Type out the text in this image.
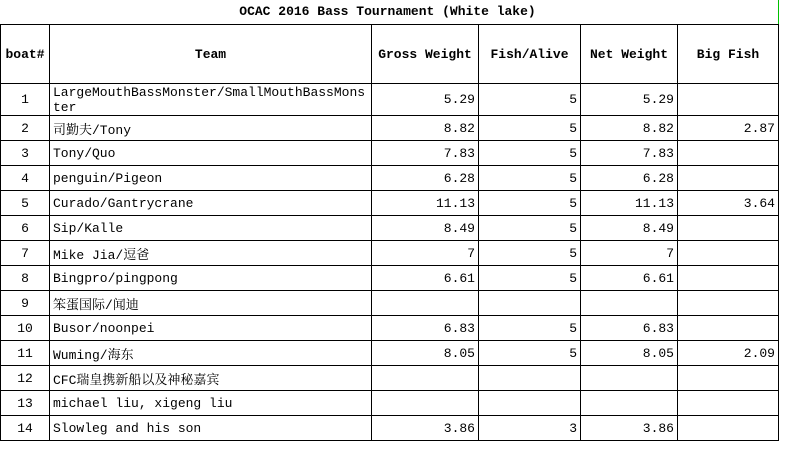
OCAC 2016 Bass Tournament (White lake)
boat#	Team	Gross Weight	Fish/Alive	Net Weight	Big Fish
1	LargeMouthBassMonster/SmallMouthBassMonster	5.29	5	5.29	
2	司勤夫/Tony	8.82	5	8.82	2.87
3	Tony/Quo	7.83	5	7.83	
4	penguin/Pigeon	6.28	5	6.28	
5	Curado/Gantrycrane	11.13	5	11.13	3.64
6	Sip/Kalle	8.49	5	8.49	
7	Mike Jia/逗爸	7	5	7	
8	Bingpro/pingpong	6.61	5	6.61	
9	笨蛋国际/闻迪				
10	Busor/noonpei	6.83	5	6.83	
11	Wuming/海东	8.05	5	8.05	2.09
12	CFC瑞皇携新船以及神秘嘉宾				
13	michael liu, xigeng liu				
14	Slowleg and his son	3.86	3	3.86	
